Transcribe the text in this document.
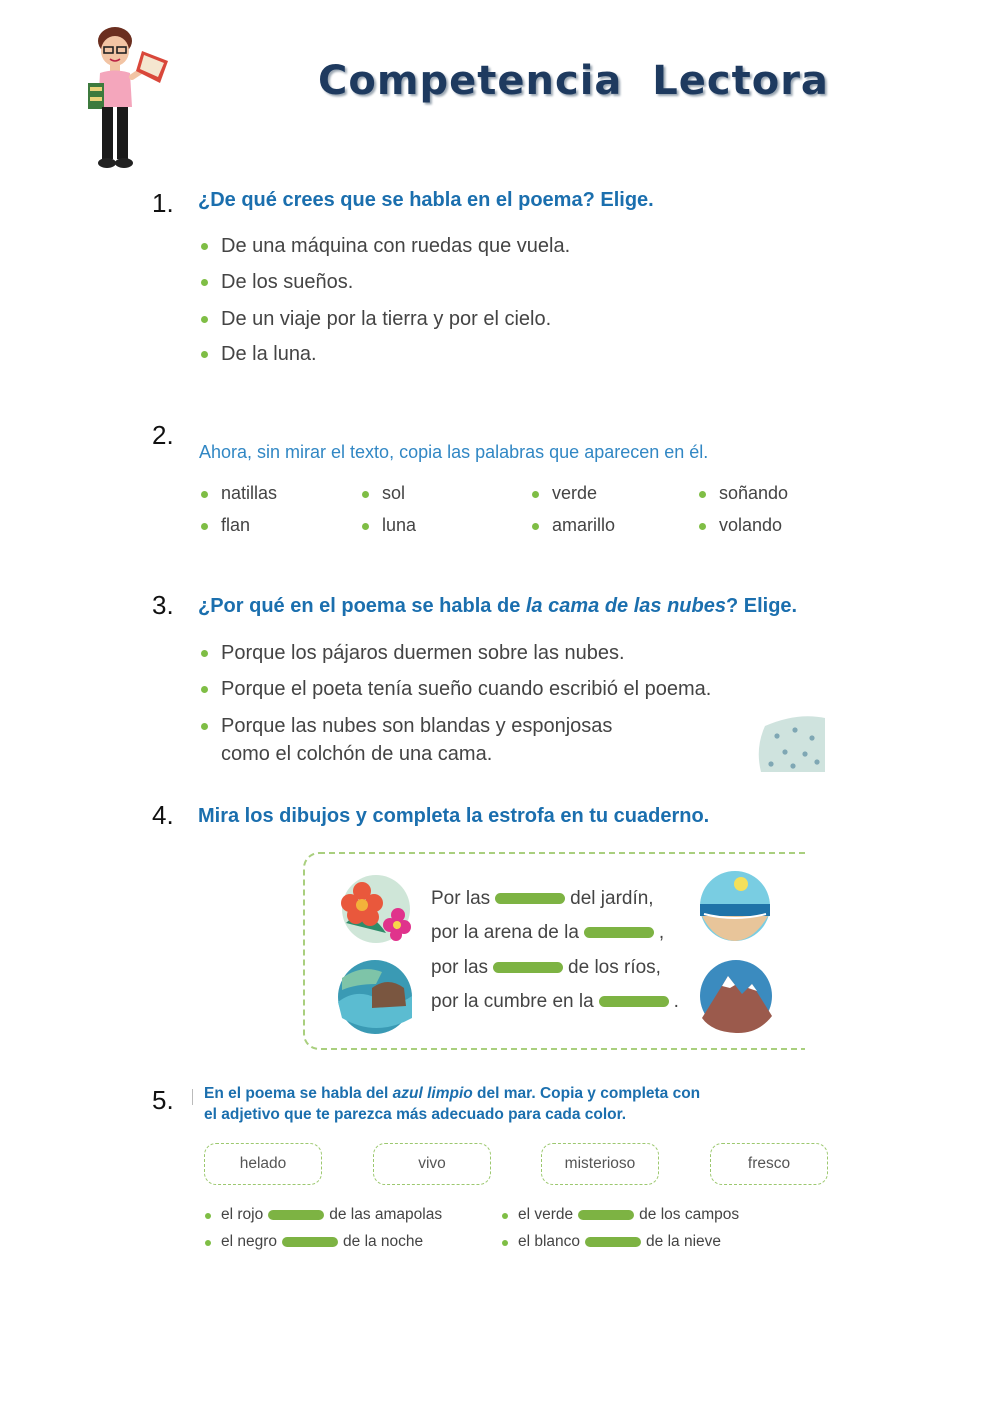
Competencia  Lectora
1. ¿De qué crees que se habla en el poema? Elige.
De una máquina con ruedas que vuela.
De los sueños.
De un viaje por la tierra y por el cielo.
De la luna.
2.
Ahora, sin mirar el texto, copia las palabras que aparecen en él.
natillas
flan
sol
luna
verde
amarillo
soñando
volando
3. ¿Por qué en el poema se habla de la cama de las nubes? Elige.
Porque los pájaros duermen sobre las nubes.
Porque el poeta tenía sueño cuando escribió el poema.
Porque las nubes son blandas y esponjosas
como el colchón de una cama.
4. Mira los dibujos y completa la estrofa en tu cuaderno.
Por las	del jardín,
por la arena de la	,
por las	de los ríos,
por la cumbre en la	.
5. En el poema se habla del azul limpio del mar. Copia y completa con
el adjetivo que te parezca más adecuado para cada color.
helado	vivo	misterioso	fresco
el rojo	de las amapolas
el negro	de la noche
el verde	de los campos
el blanco	de la nieve
